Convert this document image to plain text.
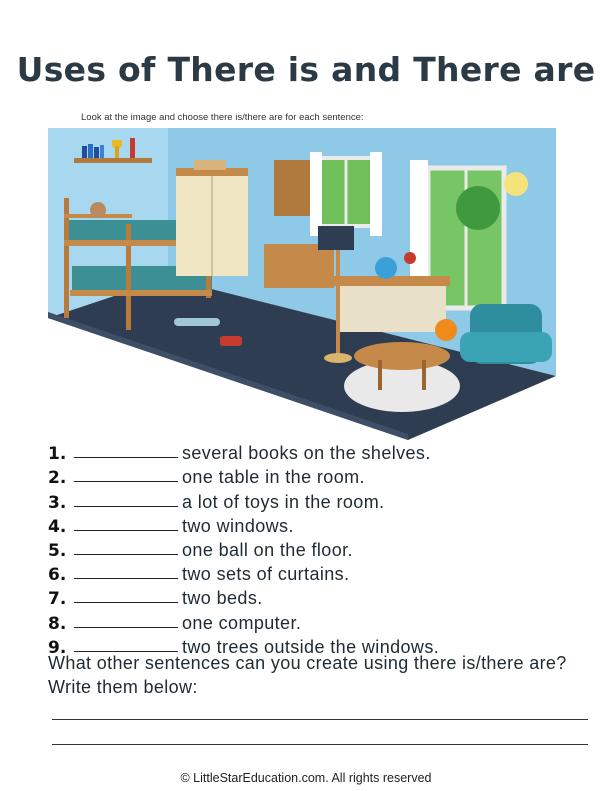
Uses of There is and There are

Look at the image and choose there is/there are for each sentence:

1.	several books on the shelves.
2.	one table in the room.
3.	a lot of toys in the room.
4.	two windows.
5.	one ball on the floor.
6.	two sets of curtains.
7.	two beds.
8.	one computer.
9.	two trees outside the windows.

What other sentences can you create using there is/there are? Write them below:

© LittleStarEducation.com. All rights reserved
